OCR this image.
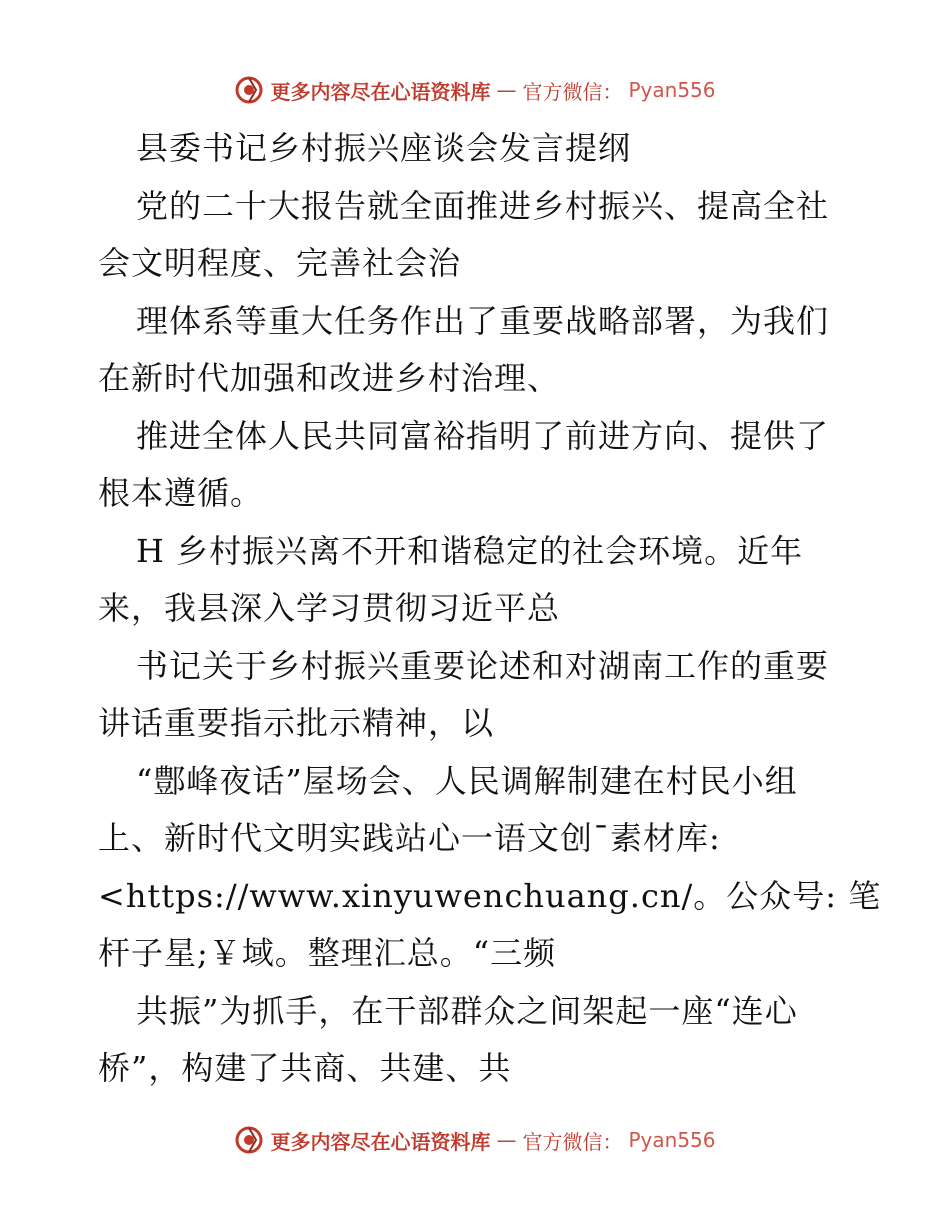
更多内容尽在心语资料库 — 官方微信： Pyan556
县委书记乡村振兴座谈会发言提纲
党的二十大报告就全面推进乡村振兴、提高全社
会文明程度、完善社会治
理体系等重大任务作出了重要战略部署，为我们
在新时代加强和改进乡村治理、
推进全体人民共同富裕指明了前进方向、提供了
根本遵循。
H 乡村振兴离不开和谐稳定的社会环境。近年
来，我县深入学习贯彻习近平总
书记关于乡村振兴重要论述和对湖南工作的重要
讲话重要指示批示精神，以
“鄷峰夜话”屋场会、人民调解制建在村民小组
上、新时代文明实践站心一语文创¯素材库:
<https://www.xinyuwenchuang.cn/。公众号: 笔
杆子星;￥域。整理汇总。“三频
共振”为抓手，在干部群众之间架起一座“连心
桥”，构建了共商、共建、共
更多内容尽在心语资料库 — 官方微信： Pyan556
